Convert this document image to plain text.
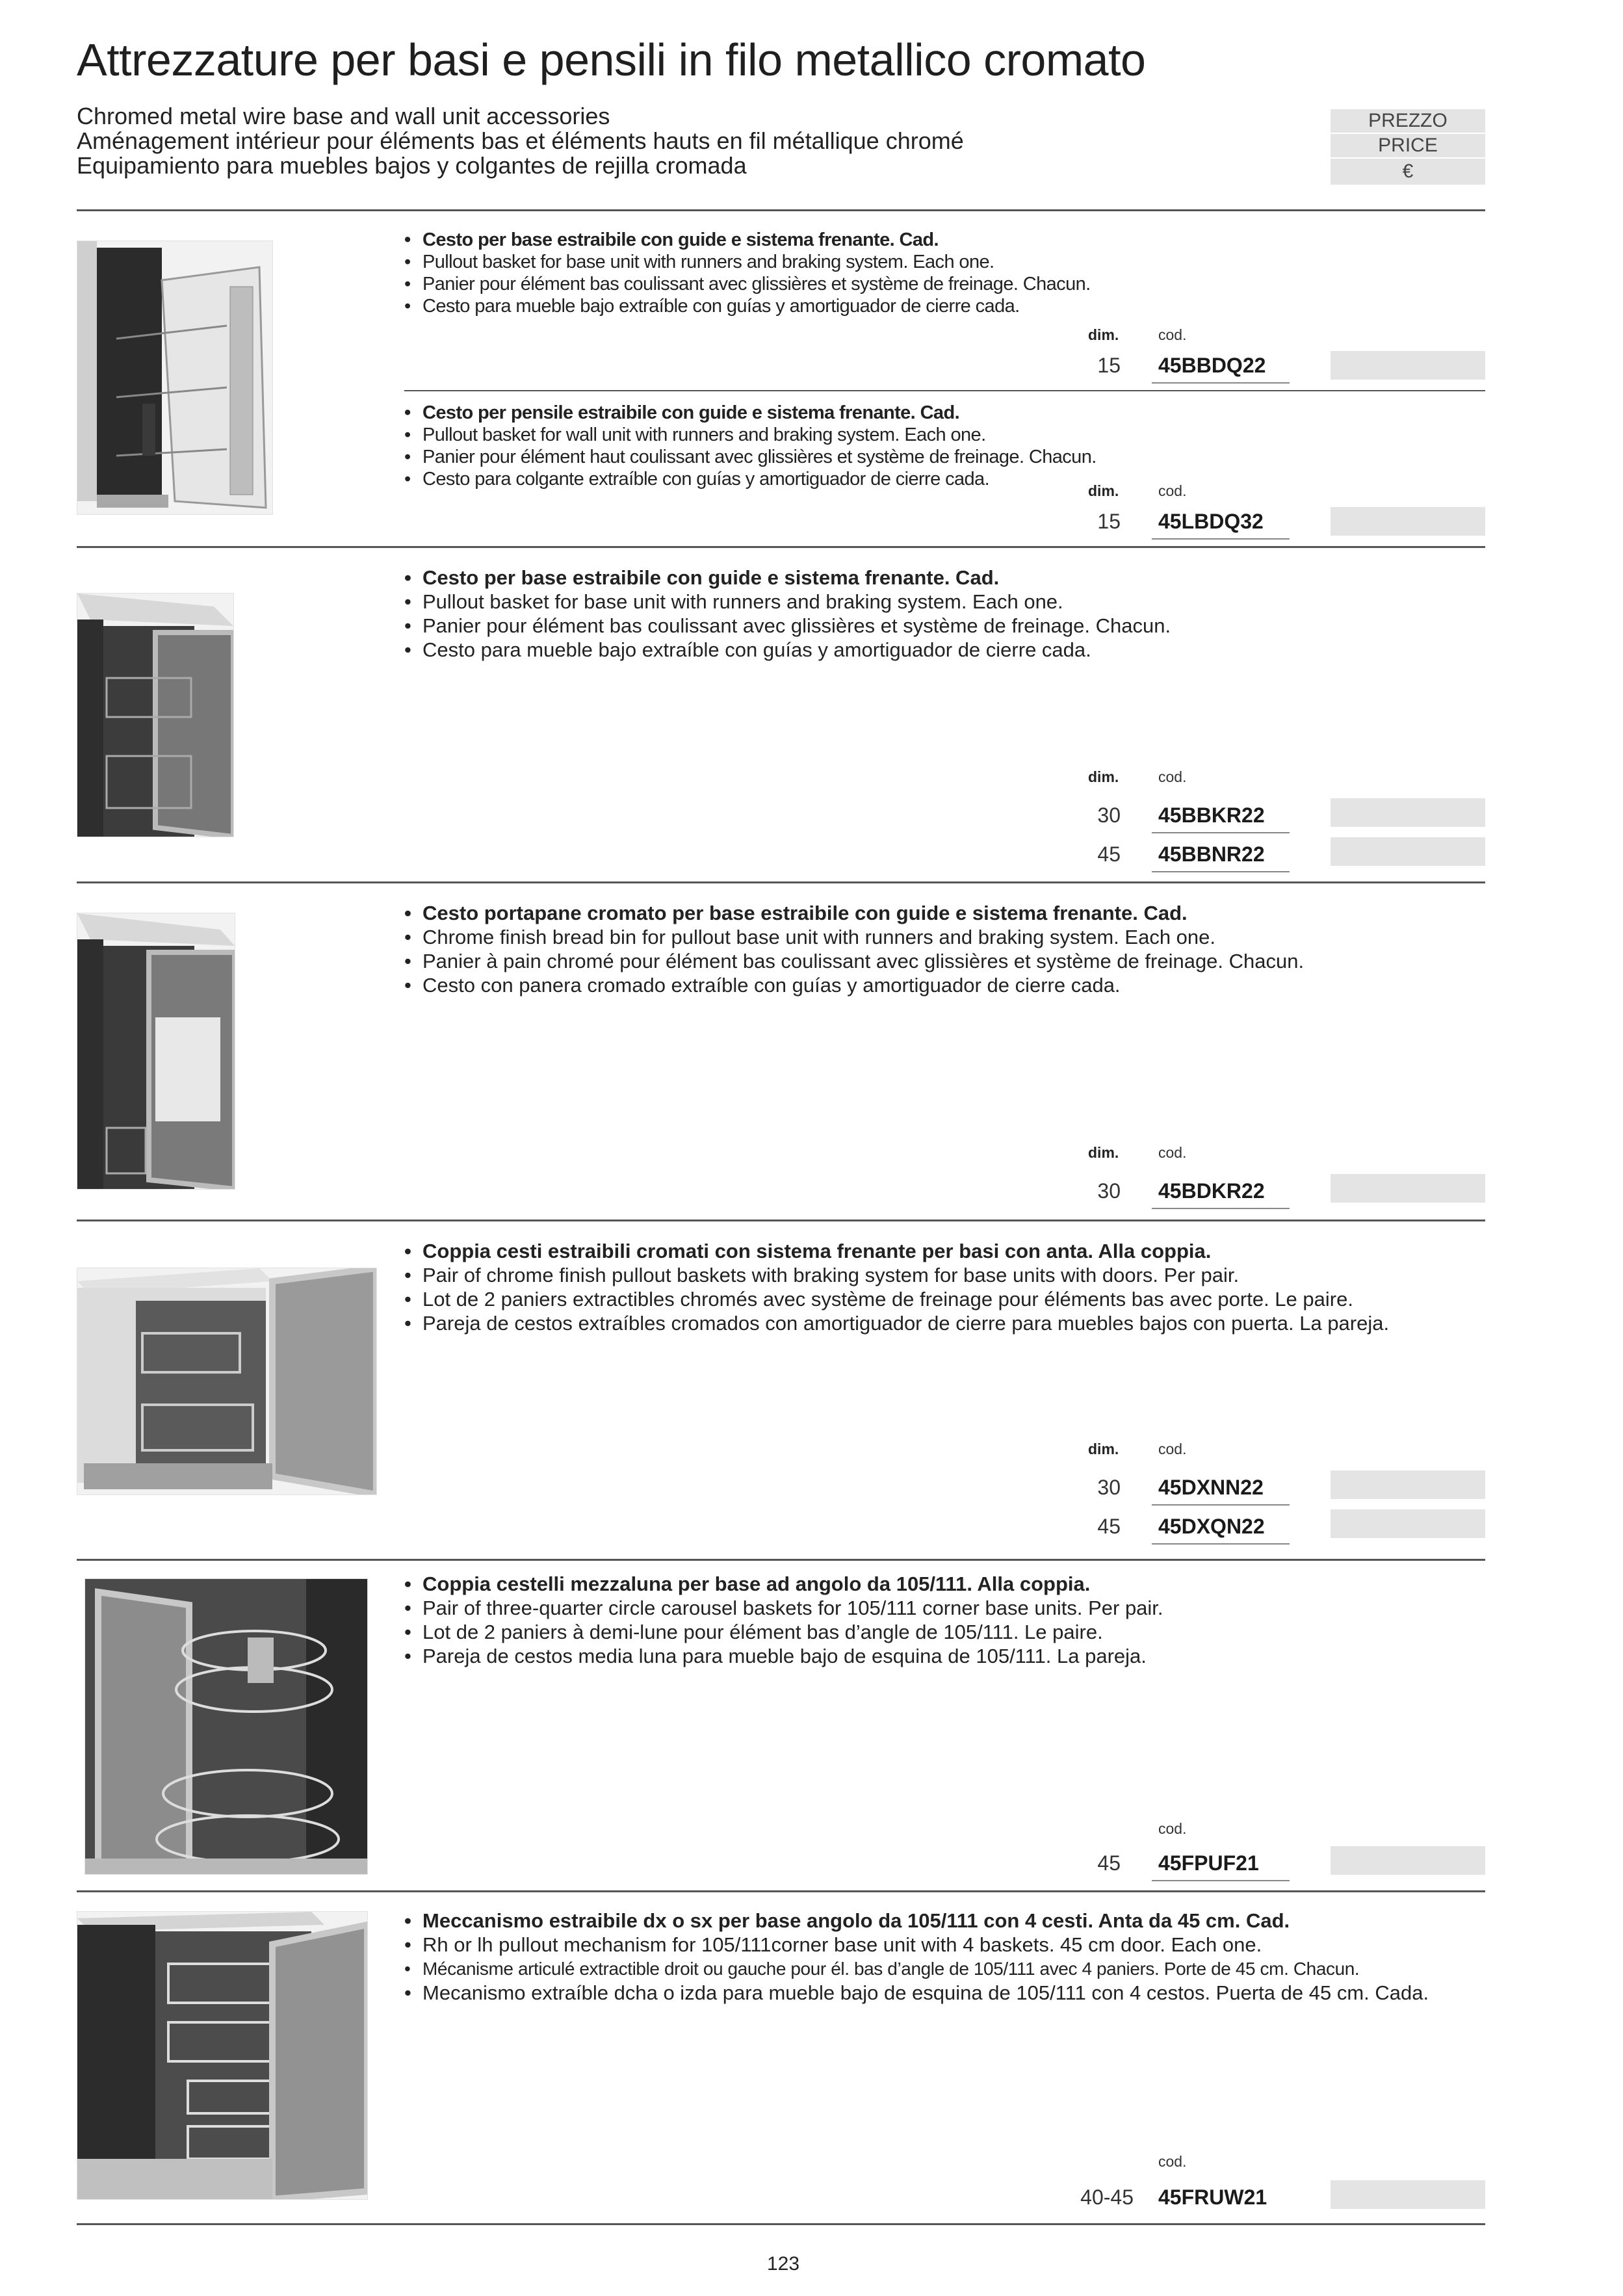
Attrezzature per basi e pensili in filo metallico cromato
Chromed metal wire base and wall unit accessories
Aménagement intérieur pour éléments bas et éléments hauts en fil métallique chromé
Equipamiento para muebles bajos y colgantes de rejilla cromada
PREZZO
PRICE
€
• Cesto per base estraibile con guide e sistema frenante. Cad.
• Pullout basket for base unit with runners and braking system. Each one.
• Panier pour élément bas coulissant avec glissières et système de freinage. Chacun.
• Cesto para mueble bajo extraíble con guías y amortiguador de cierre cada.
dim.	cod.
15 45BBDQ22
• Cesto per pensile estraibile con guide e sistema frenante. Cad.
• Pullout basket for wall unit with runners and braking system. Each one.
• Panier pour élément haut coulissant avec glissières et système de freinage. Chacun.
• Cesto para colgante extraíble con guías y amortiguador de cierre cada.
dim.	cod.
15 45LBDQ32
• Cesto per base estraibile con guide e sistema frenante. Cad.
• Pullout basket for base unit with runners and braking system. Each one.
• Panier pour élément bas coulissant avec glissières et système de freinage. Chacun.
• Cesto para mueble bajo extraíble con guías y amortiguador de cierre cada.
dim.	cod.
30 45BBKR22
45 45BBNR22
• Cesto portapane cromato per base estraibile con guide e sistema frenante. Cad.
• Chrome finish bread bin for pullout base unit with runners and braking system. Each one.
• Panier à pain chromé pour élément bas coulissant avec glissières et système de freinage. Chacun.
• Cesto con panera cromado extraíble con guías y amortiguador de cierre cada.
dim.	cod.
30 45BDKR22
• Coppia cesti estraibili cromati con sistema frenante per basi con anta. Alla coppia.
• Pair of chrome finish pullout baskets with braking system for base units with doors. Per pair.
• Lot de 2 paniers extractibles chromés avec système de freinage pour éléments bas avec porte. Le paire.
• Pareja de cestos extraíbles cromados con amortiguador de cierre para muebles bajos con puerta. La pareja.
dim.	cod.
30 45DXNN22
45 45DXQN22
• Coppia cestelli mezzaluna per base ad angolo da 105/111. Alla coppia.
• Pair of three-quarter circle carousel baskets for 105/111 corner base units. Per pair.
• Lot de 2 paniers à demi-lune pour élément bas d’angle de 105/111. Le paire.
• Pareja de cestos media luna para mueble bajo de esquina de 105/111. La pareja.
cod.
45 45FPUF21
• Meccanismo estraibile dx o sx per base angolo da 105/111 con 4 cesti. Anta da 45 cm. Cad.
• Rh or lh pullout mechanism for 105/111corner base unit with 4 baskets. 45 cm door. Each one.
• Mécanisme articulé extractible droit ou gauche pour él. bas d’angle de 105/111 avec 4 paniers. Porte de 45 cm. Chacun.
• Mecanismo extraíble dcha o izda para mueble bajo de esquina de 105/111 con 4 cestos. Puerta de 45 cm. Cada.
cod.
40-45 45FRUW21
123
